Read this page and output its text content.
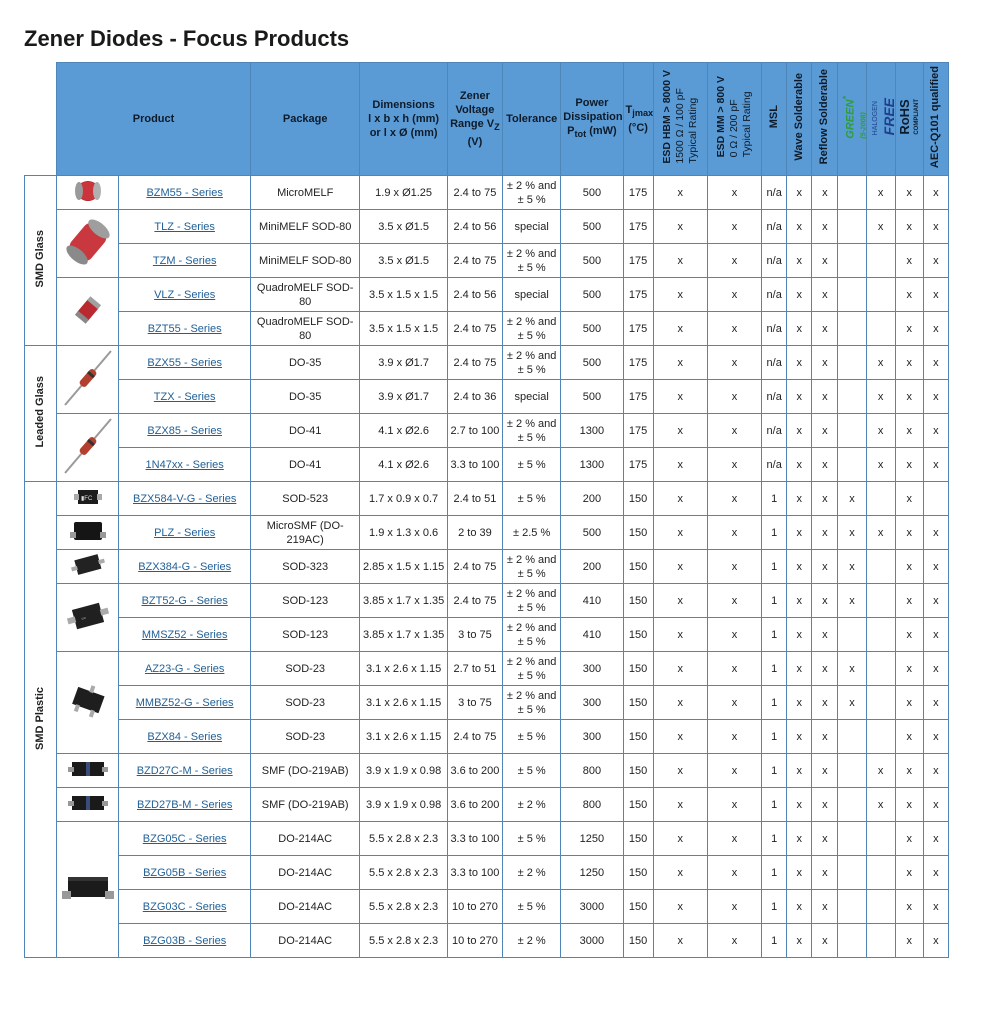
Zener Diodes - Focus Products
	Product		Package	Dimensions
l x b x h (mm)
or l x Ø (mm)	Zener
Voltage
Range $V_Z$
(V)	Tolerance	Power
Dissipation
$P_{tot}$ (mW)	$T_{jmax}$
(°C)	ESD HBM > 8000 V
1500 Ω / 100 pF
Typical Rating	ESD MM > 800 V
0 Ω / 200 pF
Typical Rating	MSL	Wave Solderable	Reflow Solderable	GREEN*
(5-2008)	HALOGEN FREE	RoHS COMPLIANT	AEC-Q101 qualified
SMD Glass		BZM55 - Series	MicroMELF	1.9 x Ø1.25	2.4 to 75	± 2 % and ± 5 %	500	175	x	x	n/a	x	x		x	x	x
	TLZ - Series	MiniMELF SOD-80	3.5 x Ø1.5	2.4 to 56	special	500	175	x	x	n/a	x	x		x	x	x
		TZM - Series	MiniMELF SOD-80	3.5 x Ø1.5	2.4 to 75	± 2 % and ± 5 %	500	175	x	x	n/a	x	x			x	x
	VLZ - Series	QuadroMELF SOD-80	3.5 x 1.5 x 1.5	2.4 to 56	special	500	175	x	x	n/a	x	x			x	x
		BZT55 - Series	QuadroMELF SOD-80	3.5 x 1.5 x 1.5	2.4 to 75	± 2 % and ± 5 %	500	175	x	x	n/a	x	x			x	x
Leaded Glass		BZX55 - Series	DO-35	3.9 x Ø1.7	2.4 to 75	± 2 % and ± 5 %	500	175	x	x	n/a	x	x		x	x	x
		TZX - Series	DO-35	3.9 x Ø1.7	2.4 to 36	special	500	175	x	x	n/a	x	x		x	x	x
	BZX85 - Series	DO-41	4.1 x Ø2.6	2.7 to 100	± 2 % and ± 5 %	1300	175	x	x	n/a	x	x		x	x	x
		1N47xx - Series	DO-41	4.1 x Ø2.6	3.3 to 100	± 5 %	1300	175	x	x	n/a	x	x		x	x	x
SMD Plastic	▮FC	BZX584-V-G - Series	SOD-523	1.7 x 0.9 x 0.7	2.4 to 51	± 5 %	200	150	x	x	1	x	x	x		x	
	PLZ - Series	MicroSMF (DO-219AC)	1.9 x 1.3 x 0.6	2 to 39	± 2.5 %	500	150	x	x	1	x	x	x	x	x	x
	BZX384-G - Series	SOD-323	2.85 x 1.5 x 1.15	2.4 to 75	± 2 % and ± 5 %	200	150	x	x	1	x	x	x		x	x

▫▫	BZT52-G - Series	SOD-123	3.85 x 1.7 x 1.35	2.4 to 75	± 2 % and ± 5 %	410	150	x	x	1	x	x	x		x	x
		MMSZ52 - Series	SOD-123	3.85 x 1.7 x 1.35	3 to 75	± 2 % and ± 5 %	410	150	x	x	1	x	x			x	x
	AZ23-G - Series	SOD-23	3.1 x 2.6 x 1.15	2.7 to 51	± 2 % and ± 5 %	300	150	x	x	1	x	x	x		x	x
		MMBZ52-G - Series	SOD-23	3.1 x 2.6 x 1.15	3 to 75	± 2 % and ± 5 %	300	150	x	x	1	x	x	x		x	x
		BZX84 - Series	SOD-23	3.1 x 2.6 x 1.15	2.4 to 75	± 5 %	300	150	x	x	1	x	x			x	x
	BZD27C-M - Series	SMF (DO-219AB)	3.9 x 1.9 x 0.98	3.6 to 200	± 5 %	800	150	x	x	1	x	x		x	x	x
	BZD27B-M - Series	SMF (DO-219AB)	3.9 x 1.9 x 0.98	3.6 to 200	± 2 %	800	150	x	x	1	x	x		x	x	x
	BZG05C - Series	DO-214AC	5.5 x 2.8 x 2.3	3.3 to 100	± 5 %	1250	150	x	x	1	x	x			x	x
		BZG05B - Series	DO-214AC	5.5 x 2.8 x 2.3	3.3 to 100	± 2 %	1250	150	x	x	1	x	x			x	x
		BZG03C - Series	DO-214AC	5.5 x 2.8 x 2.3	10 to 270	± 5 %	3000	150	x	x	1	x	x			x	x
		BZG03B - Series	DO-214AC	5.5 x 2.8 x 2.3	10 to 270	± 2 %	3000	150	x	x	1	x	x			x	x
